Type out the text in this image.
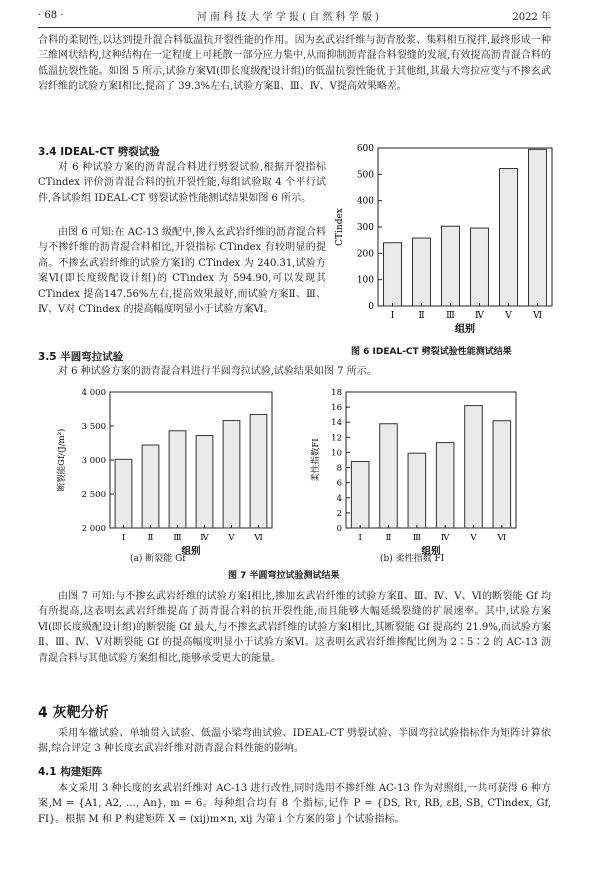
· 68 ·	河 南 科 技 大 学 学 报 ( 自 然 科 学 版 )	2022 年

合料的柔韧性,以达到提升混合料低温抗开裂性能的作用。因为玄武岩纤维与沥青胶浆、集料相互搅拌,最终形成一种三维网状结构,这种结构在一定程度上可耗散一部分应力集中,从而抑制沥青混合料裂缝的发展,有效提高沥青混合料的低温抗裂性能。如图 5 所示,试验方案Ⅵ(即长度级配设计组)的低温抗裂性能优于其他组,其最大弯拉应变与不掺玄武岩纤维的试验方案Ⅰ相比,提高了 39.3%左右,试验方案Ⅱ、Ⅲ、Ⅳ、Ⅴ提高效果略差。

3.4 IDEAL-CT 劈裂试验

对 6 种试验方案的沥青混合料进行劈裂试验,根据开裂指标 CTindex 评价沥青混合料的抗开裂性能,每组试验取 4 个平行试件,各试验组 IDEAL-CT 劈裂试验性能测试结果如图 6 所示。

由图 6 可知:在 AC-13 级配中,掺入玄武岩纤维的沥青混合料与不掺纤维的沥青混合料相比,开裂指标 CTindex 有较明显的提高。不掺玄武岩纤维的试验方案Ⅰ的 CTindex 为 240.31,试验方案Ⅵ(即长度级配设计组)的 CTindex 为 594.90,可以发现其 CTindex 提高147.56%左右,提高效果最好,而试验方案Ⅱ、Ⅲ、Ⅳ、Ⅴ对 CTindex 的提高幅度明显小于试验方案Ⅵ。	0
100
200
300
400
500
600
Ⅰ	Ⅱ Ⅲ Ⅳ Ⅴ Ⅵ
组别
CTindex

图 6 IDEAL-CT 劈裂试验性能测试结果

3.5 半圆弯拉试验

对 6 种试验方案的沥青混合料进行半圆弯拉试验,试验结果如图 7 所示。

2 000
2 500
3 000
3 500
4 000
Ⅰ	Ⅱ Ⅲ Ⅳ Ⅴ Ⅵ
组别
断裂能Gf/(J/m²)
0
2
4
6
8
10
12
14
16
18
Ⅰ	Ⅱ	Ⅲ Ⅳ Ⅴ Ⅵ
组别
柔性指数FI

(a) 断裂能 Gf	(b) 柔性指数 FI

图 7 半圆弯拉试验测试结果

由图 7 可知:与不掺玄武岩纤维的试验方案Ⅰ相比,掺加玄武岩纤维的试验方案Ⅱ、Ⅲ、Ⅳ、Ⅴ、Ⅵ的断裂能 Gf 均有所提高,这表明玄武岩纤维提高了沥青混合料的抗开裂性能,而且能够大幅延缓裂缝的扩展速率。其中,试验方案Ⅵ(即长度级配设计组)的断裂能 Gf 最大,与不掺玄武岩纤维的试验方案Ⅰ相比,其断裂能 Gf 提高约 21.9%,而试验方案Ⅱ、Ⅲ、Ⅳ、Ⅴ对断裂能 Gf 的提高幅度明显小于试验方案Ⅵ。这表明玄武岩纤维掺配比例为 2∶5∶2 的 AC-13 沥青混合料与其他试验方案组相比,能够承受更大的能量。

4 灰靶分析

采用车辙试验、单轴贯入试验、低温小梁弯曲试验、IDEAL-CT 劈裂试验、半圆弯拉试验指标作为矩阵计算依据,综合评定 3 种长度玄武岩纤维对沥青混合料性能的影响。

4.1 构建矩阵

本文采用 3 种长度的玄武岩纤维对 AC-13 进行改性,同时选用不掺纤维 AC-13 作为对照组,一共可获得 6 种方案,M = {A1, A2, …, An}, m = 6。每种组合均有 8 个指标,记作 P = {DS, Rτ, RB, εB, SB, CTindex, Gf, FI}。根据 M 和 P 构建矩阵 X = (xij)m×n, xij 为第 i 个方案的第 j 个试验指标。
